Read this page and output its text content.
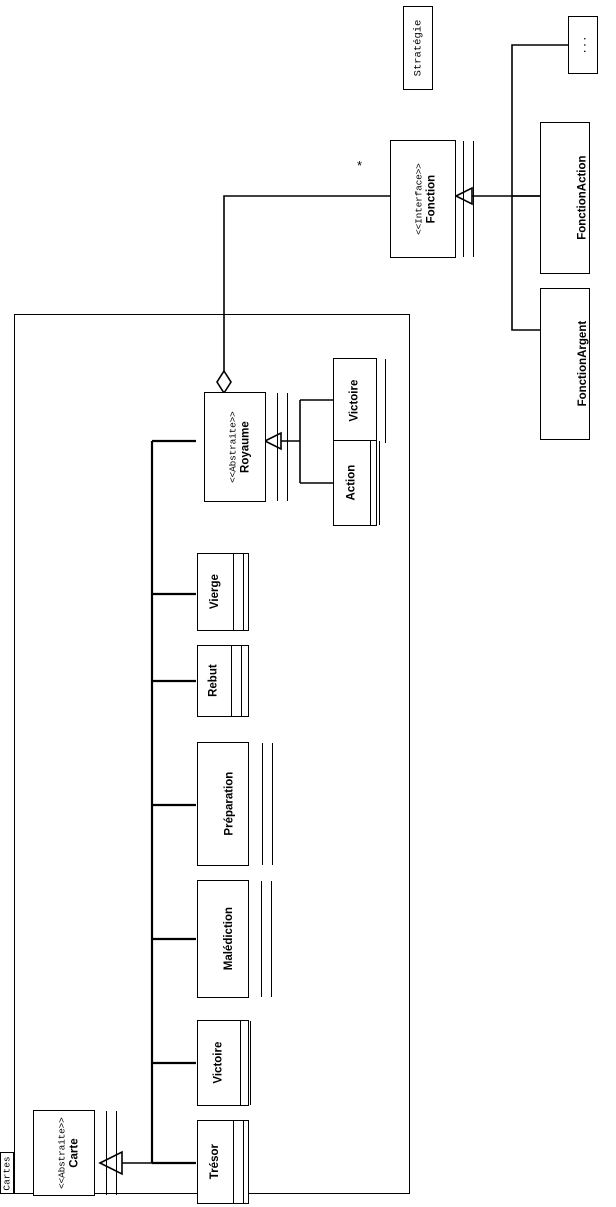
Cartes
Stratégie	...
*	<<Interface>> Fonction	FonctionAction
FonctionArgent
<<Abstraite>> Royaume
Victoire
Action
<<Abstraite>> Carte	Trésor
Victoire
Malédiction
Préparation
Rebut
Vierge
